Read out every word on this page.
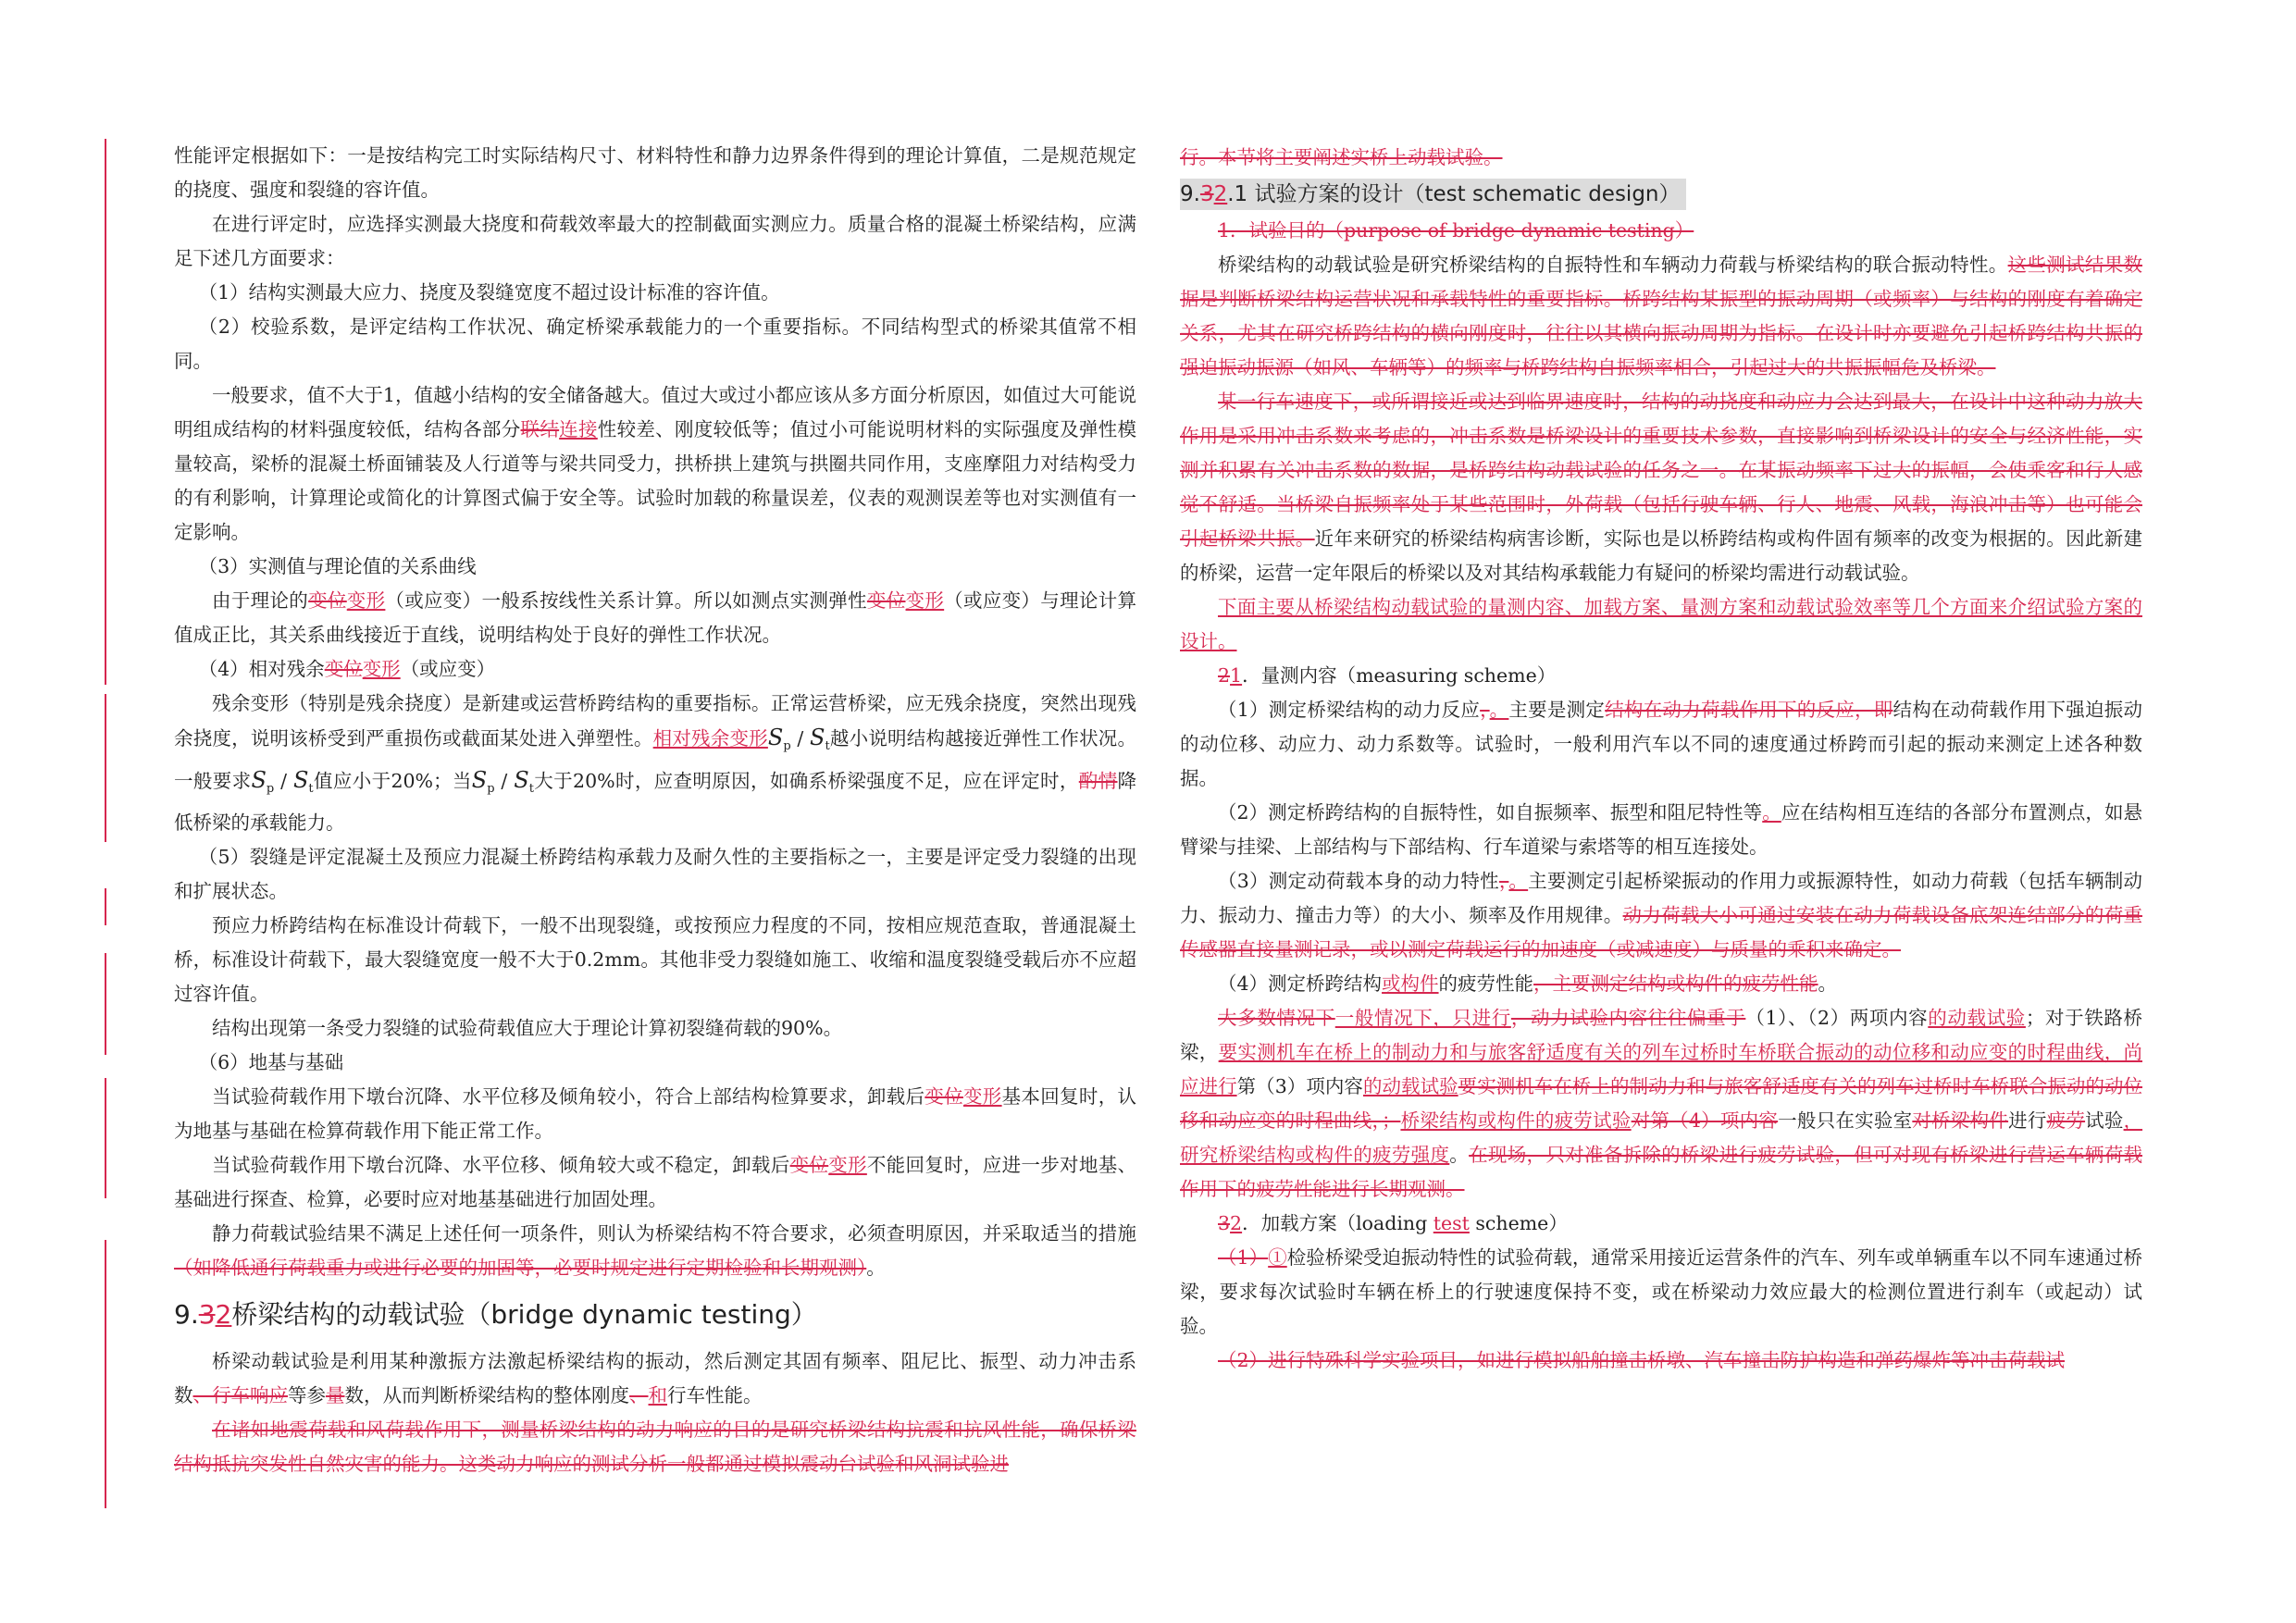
性能评定根据如下：一是按结构完工时实际结构尺寸、材料特性和静力边界条件得到的理论计算值，二是规范规定的挠度、强度和裂缝的容许值。

在进行评定时，应选择实测最大挠度和荷载效率最大的控制截面实测应力。质量合格的混凝土桥梁结构，应满足下述几方面要求：

（1）结构实测最大应力、挠度及裂缝宽度不超过设计标准的容许值。

（2）校验系数，是评定结构工作状况、确定桥梁承载能力的一个重要指标。不同结构型式的桥梁其值常不相同。

一般要求，值不大于1，值越小结构的安全储备越大。值过大或过小都应该从多方面分析原因，如值过大可能说明组成结构的材料强度较低，结构各部分联结连接性较差、刚度较低等；值过小可能说明材料的实际强度及弹性模量较高，梁桥的混凝土桥面铺装及人行道等与梁共同受力，拱桥拱上建筑与拱圈共同作用，支座摩阻力对结构受力的有利影响，计算理论或简化的计算图式偏于安全等。试验时加载的称量误差，仪表的观测误差等也对实测值有一定影响。

（3）实测值与理论值的关系曲线

由于理论的变位变形（或应变）一般系按线性关系计算。所以如测点实测弹性变位变形（或应变）与理论计算值成正比，其关系曲线接近于直线，说明结构处于良好的弹性工作状况。

（4）相对残余变位变形（或应变）

残余变形（特别是残余挠度）是新建或运营桥跨结构的重要指标。正常运营桥梁，应无残余挠度，突然出现残余挠度，说明该桥受到严重损伤或截面某处进入弹塑性。相对残余变形$S_p / S_t$越小说明结构越接近弹性工作状况。一般要求$S_p / S_t$值应小于20%；当$S_p / S_t$大于20%时，应查明原因，如确系桥梁强度不足，应在评定时，酌情降低桥梁的承载能力。

（5）裂缝是评定混凝土及预应力混凝土桥跨结构承载力及耐久性的主要指标之一，主要是评定受力裂缝的出现和扩展状态。

预应力桥跨结构在标准设计荷载下，一般不出现裂缝，或按预应力程度的不同，按相应规范查取，普通混凝土桥，标准设计荷载下，最大裂缝宽度一般不大于0.2mm。其他非受力裂缝如施工、收缩和温度裂缝受载后亦不应超过容许值。

结构出现第一条受力裂缝的试验荷载值应大于理论计算初裂缝荷载的90%。

（6）地基与基础

当试验荷载作用下墩台沉降、水平位移及倾角较小，符合上部结构检算要求，卸载后变位变形基本回复时，认为地基与基础在检算荷载作用下能正常工作。

当试验荷载作用下墩台沉降、水平位移、倾角较大或不稳定，卸载后变位变形不能回复时，应进一步对地基、基础进行探查、检算，必要时应对地基基础进行加固处理。

静力荷载试验结果不满足上述任何一项条件，则认为桥梁结构不符合要求，必须查明原因，并采取适当的措施（如降低通行荷载重力或进行必要的加固等，必要时规定进行定期检验和长期观测）。

9.32桥梁结构的动载试验（bridge dynamic testing）

桥梁动载试验是利用某种激振方法激起桥梁结构的振动，然后测定其固有频率、阻尼比、振型、动力冲击系数、行车响应等参量数，从而判断桥梁结构的整体刚度、和行车性能。

在诸如地震荷载和风荷载作用下，测量桥梁结构的动力响应的目的是研究桥梁结构抗震和抗风性能，确保桥梁结构抵抗突发性自然灾害的能力。这类动力响应的测试分析一般都通过模拟震动台试验和风洞试验进

行。本节将主要阐述实桥上动载试验。

9.32.1 试验方案的设计（test schematic design）

1．试验目的（purpose of bridge dynamic testing）

桥梁结构的动载试验是研究桥梁结构的自振特性和车辆动力荷载与桥梁结构的联合振动特性。这些测试结果数据是判断桥梁结构运营状况和承载特性的重要指标。桥跨结构某振型的振动周期（或频率）与结构的刚度有着确定关系，尤其在研究桥跨结构的横向刚度时，往往以其横向振动周期为指标。在设计时亦要避免引起桥跨结构共振的强迫振动振源（如风、车辆等）的频率与桥跨结构自振频率相合，引起过大的共振振幅危及桥梁。

某一行车速度下，或所谓接近或达到临界速度时，结构的动挠度和动应力会达到最大，在设计中这种动力放大作用是采用冲击系数来考虑的，冲击系数是桥梁设计的重要技术参数，直接影响到桥梁设计的安全与经济性能，实测并积累有关冲击系数的数据，是桥跨结构动载试验的任务之一。在某振动频率下过大的振幅，会使乘客和行人感觉不舒适。当桥梁自振频率处于某些范围时，外荷载（包括行驶车辆、行人、地震、风载，海浪冲击等）也可能会引起桥梁共振。近年来研究的桥梁结构病害诊断，实际也是以桥跨结构或构件固有频率的改变为根据的。因此新建的桥梁，运营一定年限后的桥梁以及对其结构承载能力有疑问的桥梁均需进行动载试验。

下面主要从桥梁结构动载试验的量测内容、加载方案、量测方案和动载试验效率等几个方面来介绍试验方案的设计。

21．量测内容（measuring scheme）

（1）测定桥梁结构的动力反应，。主要是测定结构在动力荷载作用下的反应，即结构在动荷载作用下强迫振动的动位移、动应力、动力系数等。试验时，一般利用汽车以不同的速度通过桥跨而引起的振动来测定上述各种数据。

（2）测定桥跨结构的自振特性，如自振频率、振型和阻尼特性等。应在结构相互连结的各部分布置测点，如悬臂梁与挂梁、上部结构与下部结构、行车道梁与索塔等的相互连接处。

（3）测定动荷载本身的动力特性，。主要测定引起桥梁振动的作用力或振源特性，如动力荷载（包括车辆制动力、振动力、撞击力等）的大小、频率及作用规律。动力荷载大小可通过安装在动力荷载设备底架连结部分的荷重传感器直接量测记录，或以测定荷载运行的加速度（或减速度）与质量的乘积来确定。

（4）测定桥跨结构或构件的疲劳性能，主要测定结构或构件的疲劳性能。

大多数情况下一般情况下，只进行，动力试验内容往往偏重于（1）、（2）两项内容的动载试验；对于铁路桥梁，要实测机车在桥上的制动力和与旅客舒适度有关的列车过桥时车桥联合振动的动位移和动应变的时程曲线，尚应进行第（3）项内容的动载试验要实测机车在桥上的制动力和与旅客舒适度有关的列车过桥时车桥联合振动的动位移和动应变的时程曲线，；桥梁结构或构件的疲劳试验对第（4）项内容一般只在实验室对桥梁构件进行疲劳试验，研究桥梁结构或构件的疲劳强度。在现场，只对准备拆除的桥梁进行疲劳试验，但可对现有桥梁进行营运车辆荷载作用下的疲劳性能进行长期观测。

32．加载方案（loading test scheme）

（1）①检验桥梁受迫振动特性的试验荷载，通常采用接近运营条件的汽车、列车或单辆重车以不同车速通过桥梁，要求每次试验时车辆在桥上的行驶速度保持不变，或在桥梁动力效应最大的检测位置进行刹车（或起动）试验。

（2）进行特殊科学实验项目，如进行模拟船舶撞击桥墩、汽车撞击防护构造和弹药爆炸等冲击荷载试
